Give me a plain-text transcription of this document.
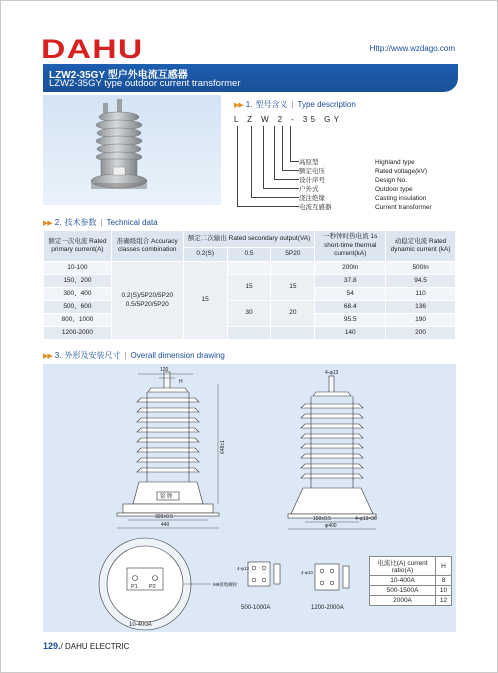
DAHU	Http://www.wzdago.com
LZW2-35GY 型户外电流互感器
LZW2-35GY type outdoor current transformer
▶▶ 1. 型号含义 | Type description
L Z W 2 - 35 GY
高原型	Highland type
额定电压	Rated voltage(kV)
设计序号	Design No.
户外式	Outdoor type
浇注绝缘	Casting insulation
电流互感器	Current transformer
▶▶ 2. 技术参数 | Technical data
额定一次电流 Rated primary current(A)	准确级组合 Accuracy classes combination	额定二次输出 Rated secondary output(VA)			一秒钟时热电流 1s short-time thermal current(kA)	动稳定电流 Rated dynamic current (kA)
		0.2(S)	0.5	5P20		
10-100	0.2(S)/5P20/5P20 0.5/5P20/5P20	15			200In	500In
150、200			15	15	37.8	94.5
300、400					54	110
500、600			30	20	68.4	136
800、1000					95.5	190
1200-2000					140	200
▶▶ 3. 外形及安装尺寸 | Overall dimension drawing
120
H
648±1
铭 牌
320±0.5
440
4-φ13
150±0.5	4-φ13×30
φ400
P1 P2	M8接地螺栓
10-400A
500-1000A	1200-2000A
4-φ13
4-φ13
电流比(A) current ratio(A)	H
10-400A	8
500-1500A	10
2000A	12
129./ DAHU ELECTRIC
